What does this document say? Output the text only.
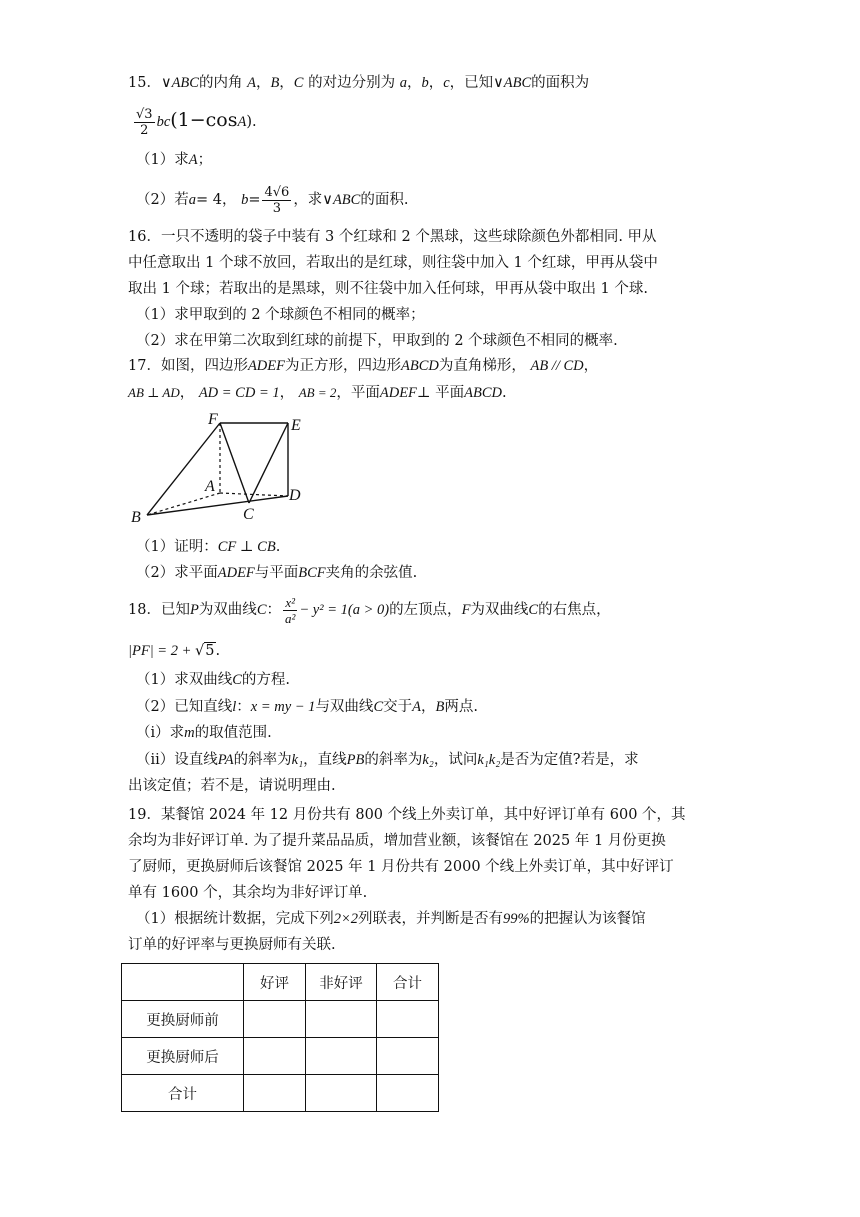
15．∨ABC的内角 A，B，C 的对边分别为 a，b，c，已知∨ABC的面积为
$\frac{√3}{2} bc(1-\cos A)$.
（1）求A；
（2）若a= 4， $b= \frac{4√6}{3}$ ，求∨ABC的面积.
16．一只不透明的袋子中装有 3 个红球和 2 个黑球，这些球除颜色外都相同. 甲从
中任意取出 1 个球不放回，若取出的是红球，则往袋中加入 1 个红球，甲再从袋中
取出 1 个球；若取出的是黑球，则不往袋中加入任何球，甲再从袋中取出 1 个球.
（1）求甲取到的 2 个球颜色不相同的概率；
（2）求在甲第二次取到红球的前提下，甲取到的 2 个球颜色不相同的概率.
17．如图，四边形ADEF为正方形，四边形ABCD为直角梯形， AB // CD，
AB ⊥ AD， AD = CD = 1， AB = 2，平面ADEF⊥ 平面ABCD.
F	E
A
D
C
B
（1）证明：CF ⊥ CB.
（2）求平面ADEF与平面BCF夹角的余弦值.
18．已知P为双曲线C： $\frac{\text{x²}}{\text{a²}} - y^2 = 1(a > 0)$的左顶点，F为双曲线C的右焦点，
|PF| = 2 + √5.
（1）求双曲线C的方程.
（2）已知直线l：x = my − 1与双曲线C交于A，B两点.
（i）求m的取值范围.
（ii）设直线PA的斜率为k₁，直线PB的斜率为k₂，试问k₁k₂是否为定值?若是，求
出该定值；若不是，请说明理由.
19．某餐馆 2024 年 12 月份共有 800 个线上外卖订单，其中好评订单有 600 个，其
余均为非好评订单. 为了提升菜品品质，增加营业额，该餐馆在 2025 年 1 月份更换
了厨师，更换厨师后该餐馆 2025 年 1 月份共有 2000 个线上外卖订单，其中好评订
单有 1600 个，其余均为非好评订单.
（1）根据统计数据，完成下列2×2列联表，并判断是否有99%的把握认为该餐馆
订单的好评率与更换厨师有关联.
	好评	非好评	合计
更换厨师前			
更换厨师后			
合计			
